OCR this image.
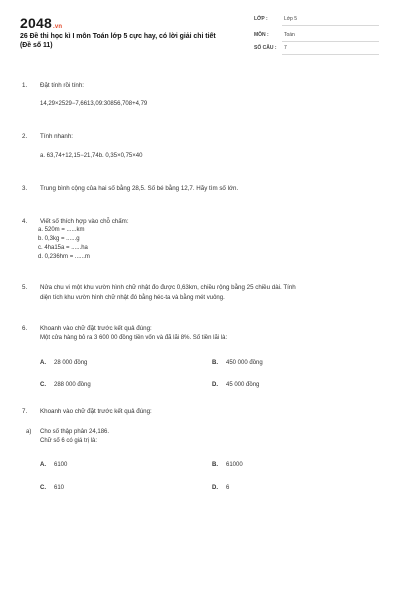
2048.vn
26 Đề thi học kì I môn Toán lớp 5 cực hay, có lời giải chi tiết
(Đề số 11)
LỚP :	Lớp 5
MÔN :	Toán
SỐ CÂU : 7
1. Đặt tính rồi tính:
14,29×2529−7,6613,09:30856,708+4,79
2. Tính nhanh:
a. 63,74+12,15−21,74b. 0,35×0,75×40
3. Trung bình cộng của hai số bằng 28,5. Số bé bằng 12,7. Hãy tìm số lớn.
4. Viết số thích hợp vào chỗ chấm:
a. 520m = ......km
b. 0,3kg = ......g
c. 4ha15a = ......ha
d. 0,236hm = ......m
5. Nửa chu vi một khu vườn hình chữ nhật đo được 0,63km, chiều rộng bằng 25 chiều dài. Tính
diện tích khu vườn hình chữ nhật đó bằng héc-ta và bằng mét vuông.
6. Khoanh vào chữ đặt trước kết quả đúng:
Một cửa hàng bỏ ra 3 600 00 đồng tiền vốn và đã lãi 8%. Số tiền lãi là:
A. 28 000 đồng	B. 450 000 đồng
C. 288 000 đồng	D. 45 000 đồng
7. Khoanh vào chữ đặt trước kết quả đúng:
a) Cho số thập phân 24,186.
Chữ số 6 có giá trị là:
A. 6100	B. 61000
C. 610	D. 6
